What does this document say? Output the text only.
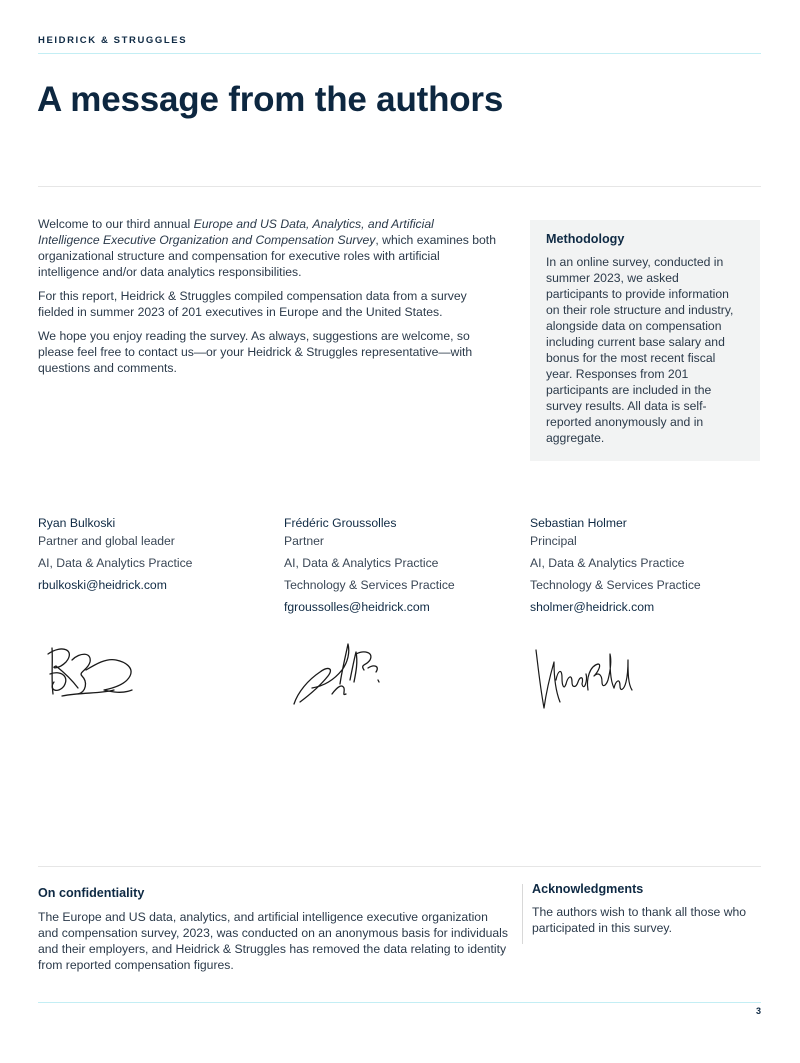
HEIDRICK & STRUGGLES
A message from the authors

Welcome to our third annual Europe and US Data, Analytics, and Artificial Intelligence Executive Organization and Compensation Survey, which examines both organizational structure and compensation for executive roles with artificial intelligence and/or data analytics responsibilities.

For this report, Heidrick & Struggles compiled compensation data from a survey fielded in summer 2023 of 201 executives in Europe and the United States.

We hope you enjoy reading the survey. As always, suggestions are welcome, so please feel free to contact us—or your Heidrick & Struggles representative—with questions and comments.

Methodology

In an online survey, conducted in summer 2023, we asked participants to provide information on their role structure and industry, alongside data on compensation including current base salary and bonus for the most recent fiscal year. Responses from 201 participants are included in the survey results. All data is self-reported anonymously and in aggregate.

Ryan Bulkoski
Partner and global leader
AI, Data & Analytics Practice
rbulkoski@heidrick.com
Frédéric Groussolles
Partner
AI, Data & Analytics Practice
Technology & Services Practice
fgroussolles@heidrick.com
Sebastian Holmer
Principal
AI, Data & Analytics Practice
Technology & Services Practice
sholmer@heidrick.com
On confidentiality

The Europe and US data, analytics, and artificial intelligence executive organization and compensation survey, 2023, was conducted on an anonymous basis for individuals and their employers, and Heidrick & Struggles has removed the data relating to identity from reported compensation figures.

Acknowledgments

The authors wish to thank all those who participated in this survey.

3
